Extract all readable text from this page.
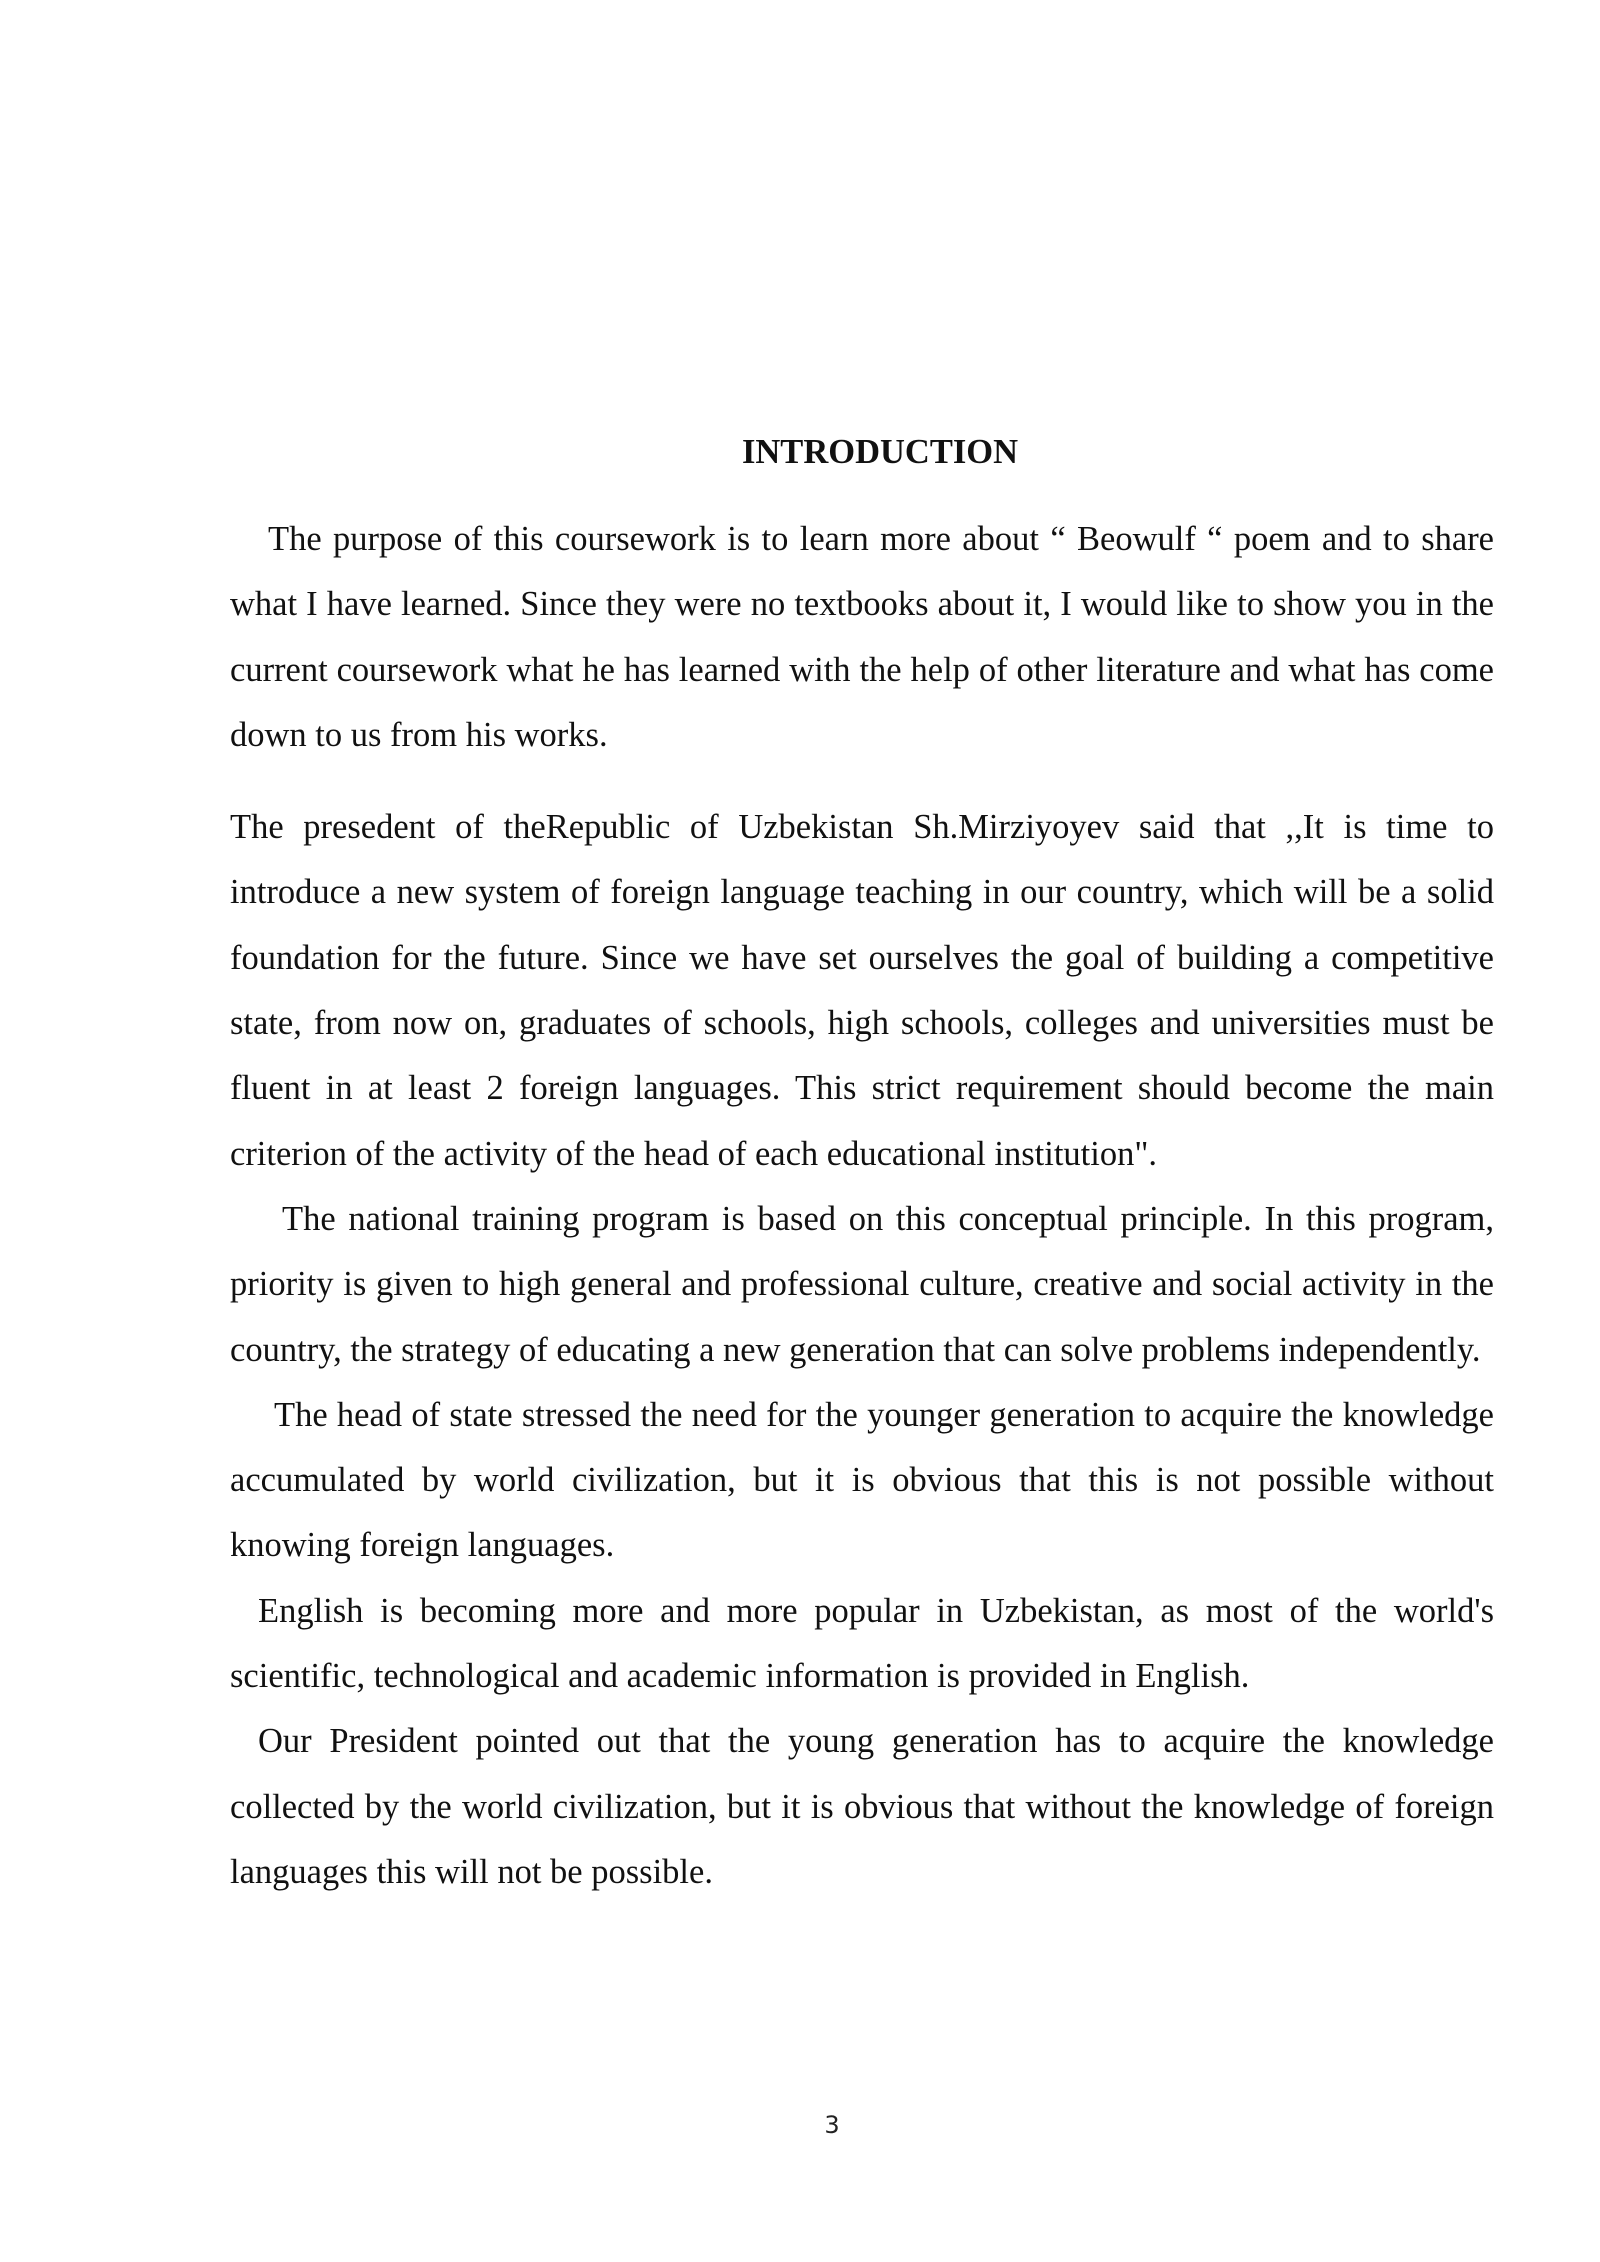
INTRODUCTION

The purpose of this coursework is to learn more about “ Beowulf “ poem and to share what I have learned. Since they were no textbooks about it, I would like to show you in the current coursework what he has learned with the help of other literature and what has come down to us from his works.

The presedent of theRepublic of Uzbekistan Sh.Mirziyoyev said that ,,It is time to introduce a new system of foreign language teaching in our country, which will be a solid foundation for the future. Since we have set ourselves the goal of building a competitive state, from now on, graduates of schools, high schools, colleges and universities must be fluent in at least 2 foreign languages. This strict requirement should become the main criterion of the activity of the head of each educational institution".

The national training program is based on this conceptual principle. In this program, priority is given to high general and professional culture, creative and social activity in the country, the strategy of educating a new generation that can solve problems independently.

The head of state stressed the need for the younger generation to acquire the knowledge accumulated by world civilization, but it is obvious that this is not possible without knowing foreign languages.

English is becoming more and more popular in Uzbekistan, as most of the world's scientific, technological and academic information is provided in English.

Our President pointed out that the young generation has to acquire the knowledge collected by the world civilization, but it is obvious that without the knowledge of foreign languages this will not be possible.

3
